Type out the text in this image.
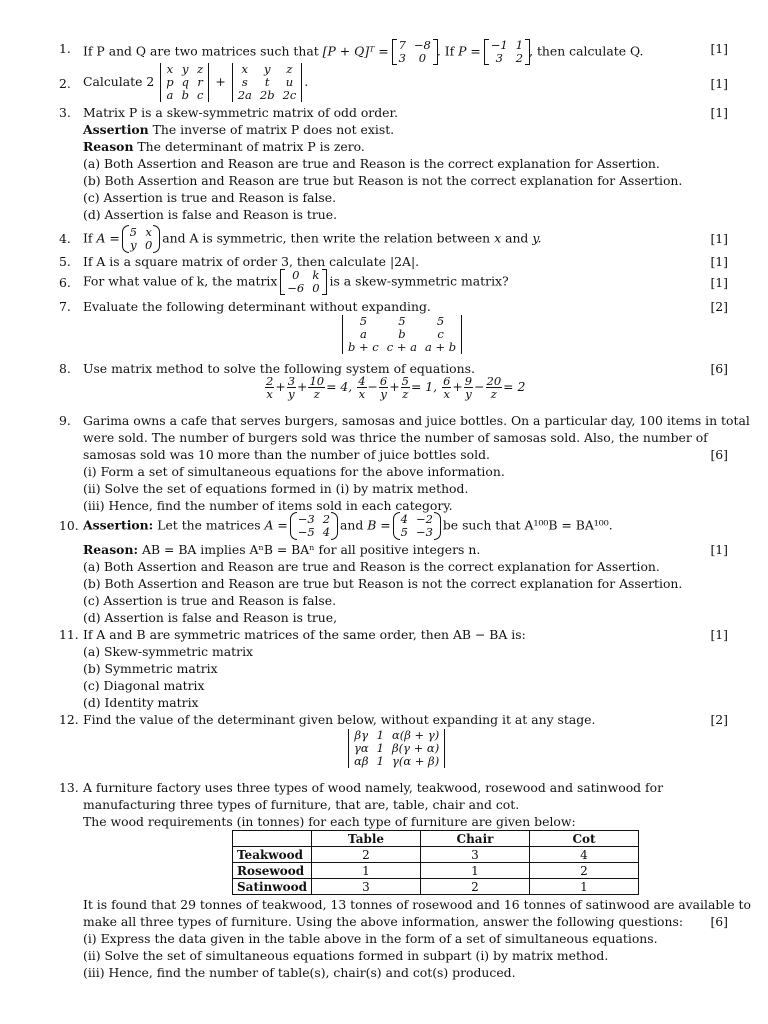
1. If P and Q are two matrices such that [P + Q]ᵀ = 7	−8
3	0 . If P = −1	1
3	2 , then calculate Q.	[1]
2. Calculate 2
x	y	z
p	q	r
a	b	c
+
x	y	z
s	t	u
2a	2b	2c
.	[1]
3. Matrix P is a skew-symmetric matrix of odd order.	[1]
Assertion The inverse of matrix P does not exist.
Reason The determinant of matrix P is zero.
(a) Both Assertion and Reason are true and Reason is the correct explanation for Assertion.
(b) Both Assertion and Reason are true but Reason is not the correct explanation for Assertion.
(c) Assertion is true and Reason is false.
(d) Assertion is false and Reason is true.
4. If A = 5	x
y	0 and A is symmetric, then write the relation between x and y.	[1]
5. If A is a square matrix of order 3, then calculate |2A|.	[1]
6. For what value of k, the matrix 0	k
−6	0 is a skew-symmetric matrix?	[1]
7. Evaluate the following determinant without expanding.	[2]
5	5	5
a	b	c
b + c	c + a	a + b
8. Use matrix method to solve the following system of equations.	[6]
$\frac{2}{x} + \frac{3}{y} + \frac{10}{z} = 4$, $\frac{4}{x} - \frac{6}{y} + \frac{5}{z} = 1$, $\frac{6}{x} + \frac{9}{y} - \frac{20}{z} = 2$
9. Garima owns a cafe that serves burgers, samosas and juice bottles. On a particular day, 100 items in total
were sold. The number of burgers sold was thrice the number of samosas sold. Also, the number of
samosas sold was 10 more than the number of juice bottles sold.	[6]
(i) Form a set of simultaneous equations for the above information.
(ii) Solve the set of equations formed in (i) by matrix method.
(iii) Hence, find the number of items sold in each category.
10. Assertion: Let the matrices A = −3	2
−5	4 and B = 4	−2
5	−3 be such that A¹⁰⁰B = BA¹⁰⁰.
Reason: AB = BA implies AⁿB = BAⁿ for all positive integers n.	[1]
(a) Both Assertion and Reason are true and Reason is the correct explanation for Assertion.
(b) Both Assertion and Reason are true but Reason is not the correct explanation for Assertion.
(c) Assertion is true and Reason is false.
(d) Assertion is false and Reason is true,
11. If A and B are symmetric matrices of the same order, then AB − BA is:	[1]
(a) Skew-symmetric matrix
(b) Symmetric matrix
(c) Diagonal matrix
(d) Identity matrix
12. Find the value of the determinant given below, without expanding it at any stage.	[2]
βγ	1	α(β + γ)
γα	1	β(γ + α)
αβ	1	γ(α + β)
13. A furniture factory uses three types of wood namely, teakwood, rosewood and satinwood for
manufacturing three types of furniture, that are, table, chair and cot.
The wood requirements (in tonnes) for each type of furniture are given below:
	Table	Chair	Cot
Teakwood	2	3	4
Rosewood	1	1	2
Satinwood	3	2	1
It is found that 29 tonnes of teakwood, 13 tonnes of rosewood and 16 tonnes of satinwood are available to
make all three types of furniture. Using the above information, answer the following questions: [6]
(i) Express the data given in the table above in the form of a set of simultaneous equations.
(ii) Solve the set of simultaneous equations formed in subpart (i) by matrix method.
(iii) Hence, find the number of table(s), chair(s) and cot(s) produced.
